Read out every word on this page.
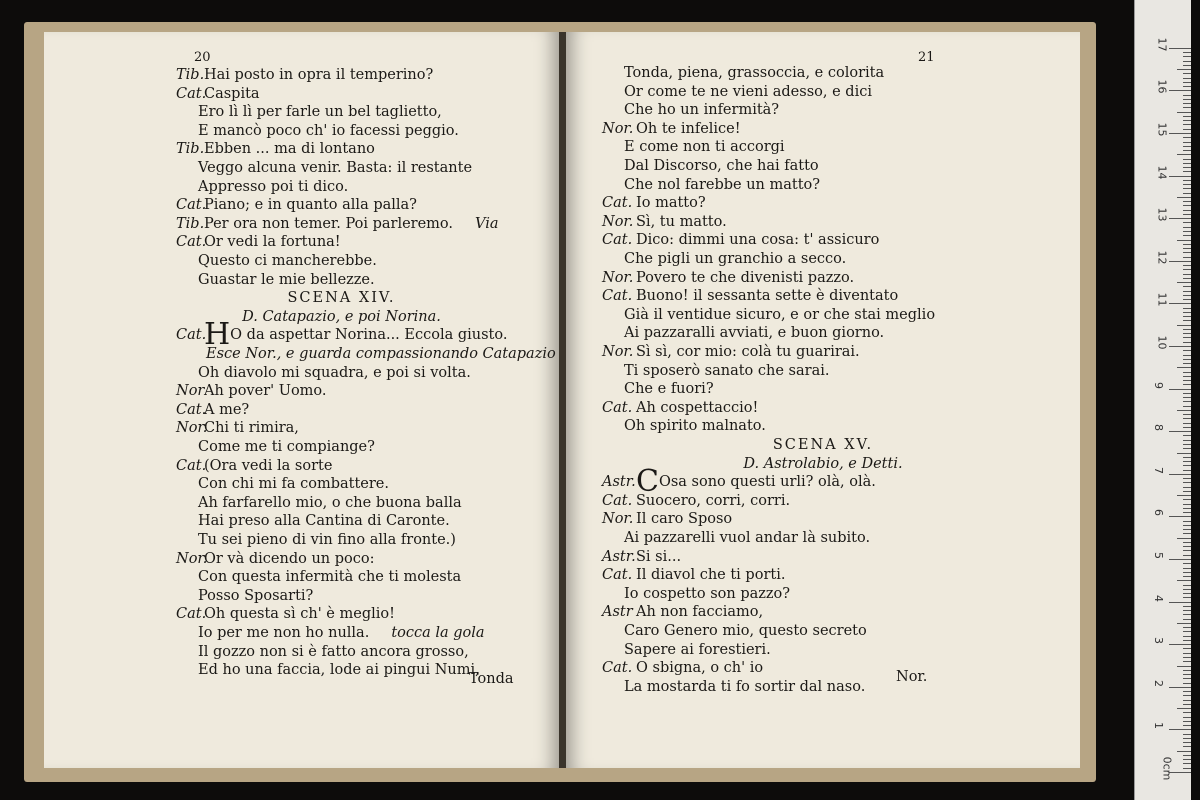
20
Tib.Hai posto in opra il temperino?
Cat.Caspita
Ero lì lì per farle un bel taglietto,
E mancò poco ch' io facessi peggio.
Tib.Ebben ... ma di lontano
Veggo alcuna venir. Basta: il restante
Appresso poi ti dico.
Cat.Piano; e in quanto alla palla?
Tib.Per ora non temer. Poi parleremo. Via
Cat.Or vedi la fortuna!
Questo ci mancherebbe.
Guastar le mie bellezze.
SCENA XIV.
D. Catapazio, e poi Norina.
Cat.HO da aspettar Norina... Eccola giusto.
Esce Nor., e guarda compassionando Catapazio
Oh diavolo mi squadra, e poi si volta.
NorAh pover' Uomo.
Cat.A me?
Nor.Chi ti rimira,
Come me ti compiange?
Cat.(Ora vedi la sorte
Con chi mi fa combattere.
Ah farfarello mio, o che buona balla
Hai preso alla Cantina di Caronte.
Tu sei pieno di vin fino alla fronte.)
Nor.Or và dicendo un poco:
Con questa infermità che ti molesta
Posso Sposarti?
Cat.Oh questa sì ch' è meglio!
Io per me non ho nulla. tocca la gola
Il gozzo non si è fatto ancora grosso,
Ed ho una faccia, lode ai pingui Numi,
Tonda
21
Tonda, piena, grassoccia, e colorita
Or come te ne vieni adesso, e dici
Che ho un infermità?
Nor. Oh te infelice!
E come non ti accorgi
Dal Discorso, che hai fatto
Che nol farebbe un matto?
Cat. Io matto?
Nor. Sì, tu matto.
Cat. Dico: dimmi una cosa: t' assicuro
Che pigli un granchio a secco.
Nor. Povero te che divenisti pazzo.
Cat. Buono! il sessanta sette è diventato
Già il ventidue sicuro, e or che stai meglio
Ai pazzaralli avviati, e buon giorno.
Nor. Sì sì, cor mio: colà tu guarirai.
Ti sposerò sanato che sarai.
Che e fuori?
Cat. Ah cospettaccio!
Oh spirito malnato.
SCENA XV.
D. Astrolabio, e Detti.
Astr.COsa sono questi urli? olà, olà.
Cat. Suocero, corri, corri.
Nor. Il caro Sposo
Ai pazzarelli vuol andar là subito.
Astr.Si si...
Cat. Il diavol che ti porti.
Io cospetto son pazzo?
Astr Ah non facciamo,
Caro Genero mio, questo secreto
Sapere ai forestieri.
Cat. O sbigna, o ch' io
La mostarda ti fo sortir dal naso.
Nor.
0cm
1
2
3
4
5
6
7
8
9
10
11
12
13
14
15
16
17
